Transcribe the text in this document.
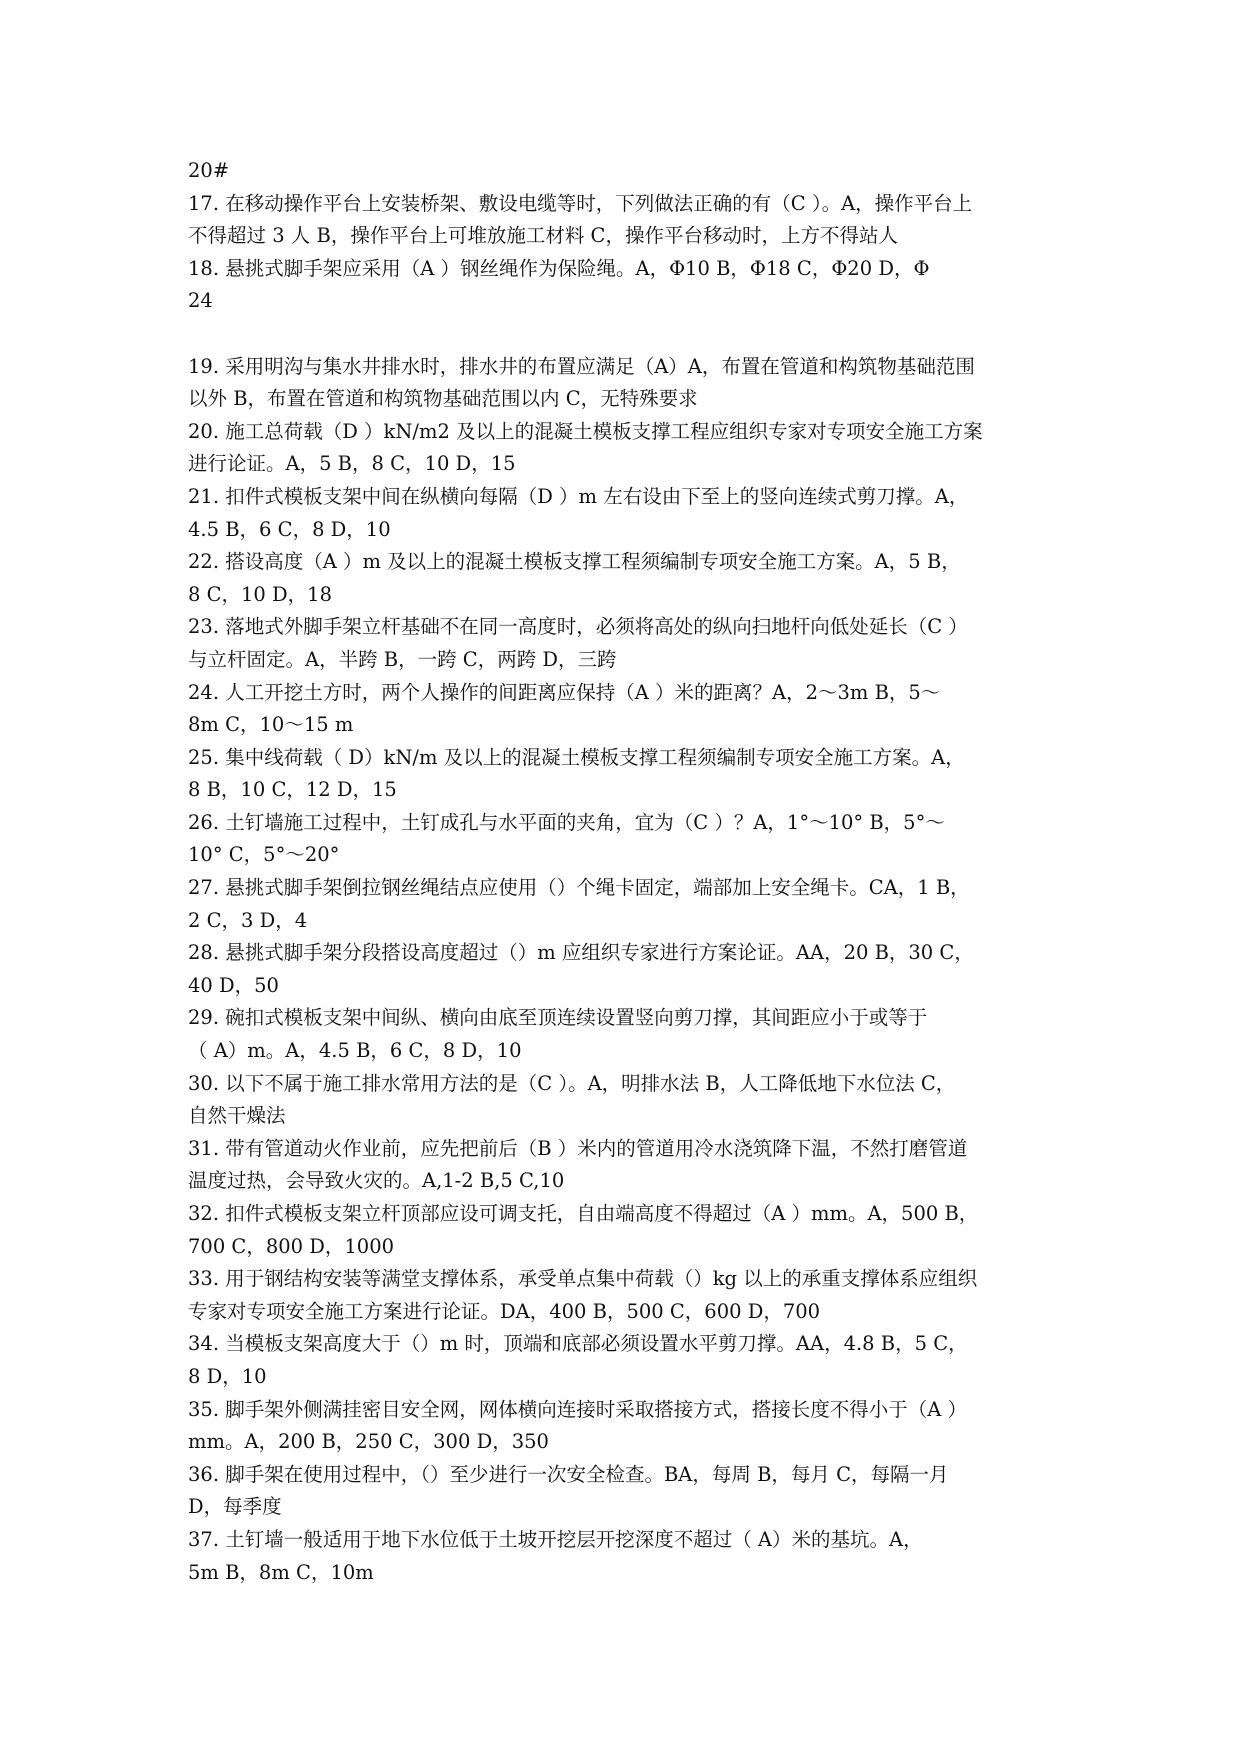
20#
17. 在移动操作平台上安装桥架、敷设电缆等时，下列做法正确的有（C ）。A，操作平台上
不得超过 3 人 B，操作平台上可堆放施工材料 C，操作平台移动时，上方不得站人
18. 悬挑式脚手架应采用（A ）钢丝绳作为保险绳。A，Φ10 B，Φ18 C，Φ20 D，Φ
24
19. 采用明沟与集水井排水时，排水井的布置应满足（A）A，布置在管道和构筑物基础范围
以外 B，布置在管道和构筑物基础范围以内 C，无特殊要求
20. 施工总荷载（D ）kN/m2 及以上的混凝土模板支撑工程应组织专家对专项安全施工方案
进行论证。A，5 B，8 C，10 D，15
21. 扣件式模板支架中间在纵横向每隔（D ）m 左右设由下至上的竖向连续式剪刀撑。A，
4.5 B，6 C，8 D，10
22. 搭设高度（A ）m 及以上的混凝土模板支撑工程须编制专项安全施工方案。A，5 B，
8 C，10 D，18
23. 落地式外脚手架立杆基础不在同一高度时，必须将高处的纵向扫地杆向低处延长（C ）
与立杆固定。A，半跨 B，一跨 C，两跨 D，三跨
24. 人工开挖土方时，两个人操作的间距离应保持（A ）米的距离？A，2～3m B，5～
8m C，10～15 m
25. 集中线荷载（ D）kN/m 及以上的混凝土模板支撑工程须编制专项安全施工方案。A，
8 B，10 C，12 D，15
26. 土钉墙施工过程中，土钉成孔与水平面的夹角，宜为（C ）？A，1°～10° B，5°～
10° C，5°～20°
27. 悬挑式脚手架倒拉钢丝绳结点应使用（）个绳卡固定，端部加上安全绳卡。CA，1 B，
2 C，3 D，4
28. 悬挑式脚手架分段搭设高度超过（）m 应组织专家进行方案论证。AA，20 B，30 C，
40 D，50
29. 碗扣式模板支架中间纵、横向由底至顶连续设置竖向剪刀撑，其间距应小于或等于
（ A）m。A，4.5 B，6 C，8 D，10
30. 以下不属于施工排水常用方法的是（C ）。A，明排水法 B，人工降低地下水位法 C，
自然干燥法
31. 带有管道动火作业前，应先把前后（B ）米内的管道用冷水浇筑降下温，不然打磨管道
温度过热，会导致火灾的。A,1-2 B,5 C,10
32. 扣件式模板支架立杆顶部应设可调支托，自由端高度不得超过（A ）mm。A，500 B，
700 C，800 D，1000
33. 用于钢结构安装等满堂支撑体系，承受单点集中荷载（）kg 以上的承重支撑体系应组织
专家对专项安全施工方案进行论证。DA，400 B，500 C，600 D，700
34. 当模板支架高度大于（）m 时，顶端和底部必须设置水平剪刀撑。AA，4.8 B，5 C，
8 D，10
35. 脚手架外侧满挂密目安全网，网体横向连接时采取搭接方式，搭接长度不得小于（A ）
mm。A，200 B，250 C，300 D，350
36. 脚手架在使用过程中，（）至少进行一次安全检查。BA，每周 B，每月 C，每隔一月
D，每季度
37. 土钉墙一般适用于地下水位低于土坡开挖层开挖深度不超过（ A）米的基坑。A，
5m B，8m C，10m
